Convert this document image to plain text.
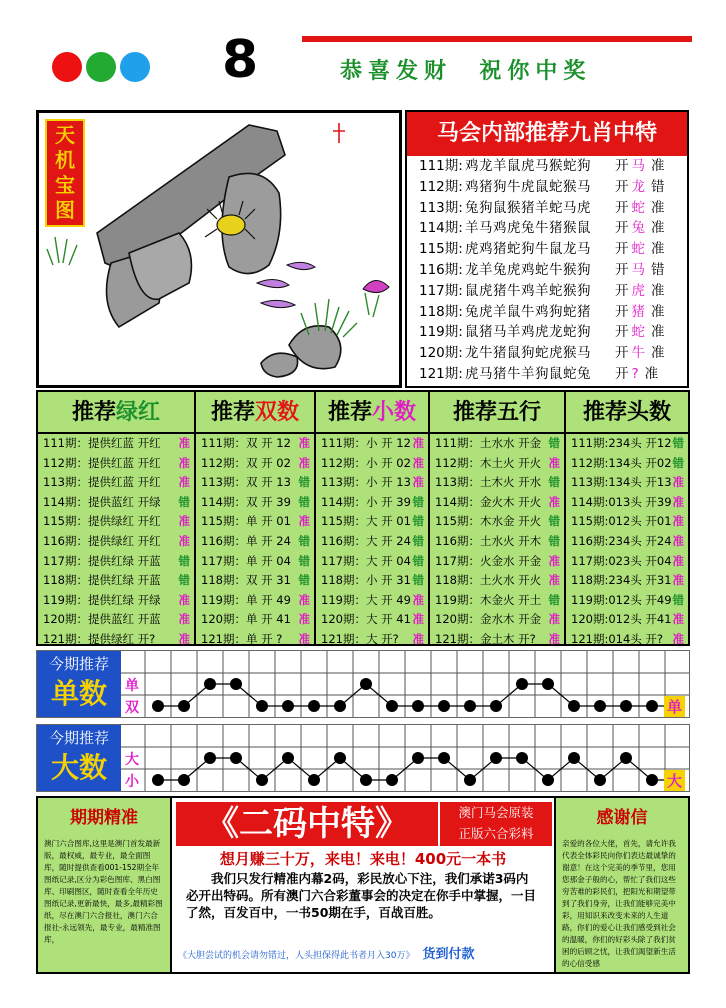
8	恭喜发财  祝你中奖
天机宝图
马会内部推荐九肖中特
111期: 鸡龙羊鼠虎马猴蛇狗 开 马 准
112期: 鸡猪狗牛虎鼠蛇猴马 开 龙 错
113期: 兔狗鼠猴猪羊蛇马虎 开 蛇 准
114期: 羊马鸡虎兔牛猪猴鼠 开 兔 准
115期: 虎鸡猪蛇狗牛鼠龙马 开 蛇 准
116期: 龙羊兔虎鸡蛇牛猴狗 开 马 错
117期: 鼠虎猪牛鸡羊蛇猴狗 开 虎 准
118期: 兔虎羊鼠牛鸡狗蛇猪 开 猪 准
119期: 鼠猪马羊鸡虎龙蛇狗 开 蛇 准
120期: 龙牛猪鼠狗蛇虎猴马 开 牛 准
121期: 虎马猪牛羊狗鼠蛇兔 开 ? 准
推荐绿红
111期：提供红蓝 开红 准
112期：提供红蓝 开红 准
113期：提供红蓝 开红 准
114期：提供蓝红 开绿 错
115期：提供绿红 开红 准
116期：提供绿红 开红 准
117期：提供红绿 开蓝 错
118期：提供红绿 开蓝 错
119期：提供红绿 开绿 准
120期：提供蓝红 开蓝 准
121期：提供绿红 开? 准
推荐双数
111期：双 开 12 准
112期：双 开 02 准
113期：双 开 13 错
114期：双 开 39 错
115期：单 开 01 准
116期：单 开 24 错
117期：单 开 04 错
118期：双 开 31 错
119期：单 开 49 准
120期：单 开 41 准
121期：单 开 ? 准
推荐小数
111期：小 开 12 准
112期：小 开 02 准
113期：小 开 13 准
114期：小 开 39 错
115期：大 开 01 错
116期：大 开 24 错
117期：大 开 04 错
118期：小 开 31 错
119期：大 开 49 准
120期：大 开 41 准
121期：大 开? 准
推荐五行
111期：土水水 开金 错
112期：木土火 开火 准
113期：土木火 开水 错
114期：金火木 开火 准
115期：木水金 开火 错
116期：土水火 开木 错
117期：火金水 开金 准
118期：土火水 开火 准
119期：木金火 开土 错
120期：金水木 开金 准
121期：金土木 开? 准
推荐头数
111期:234头 开12 错
112期:134头 开02 错
113期:134头 开13 准
114期:013头 开39 准
115期:012头 开01 准
116期:234头 开24 准
117期:023头 开04 准
118期:234头 开31 准
119期:012头 开49 错
120期:012头 开41 准
121期:014头 开? 准
今期推荐
单数	单
双	单
今期推荐
大数	大
小	大
期期精准
澳门六合图库,这里是澳门首发最新版，最权威，最专业，最全面图库，随时提供查看001-152期全年图纸记录,区分为彩色图库、黑白图库、印刷图区，随时查看全年历史图纸记录,更新最快，最多,最精彩图纸，尽在澳门六合报社，澳门六合报社-永远领先，最专业，最精准图库，
《二码中特》	澳门马会原装
正版六合彩料
想月赚三十万，来电！来电！400元一本书
我们只发行精准内幕2码，彩民放心下注，我们承诺3码内必开出特码。所有澳门六合彩董事会的决定在你手中掌握，一目了然，百发百中，一书50期在手，百战百胜。
《大胆尝试的机会请勿错过，人头担保得此书者月入30万》 货到付款
感谢信
亲爱的各位大佬，首先，请允许我代表全体彩民向你们表达最诚挚的谢意！在这个完美的季节里，您用您那金子般的心，帮忙了我们这些穷苦难的彩民们，把阳光和期望带到了我们身旁，让我们能够完美中彩，用知识来改变未来的人生道路，你们的爱心让我们感受到社会的温暖，你们的好彩头除了我们贫困的后顾之忧，让我们渴望新生活的心信受感
